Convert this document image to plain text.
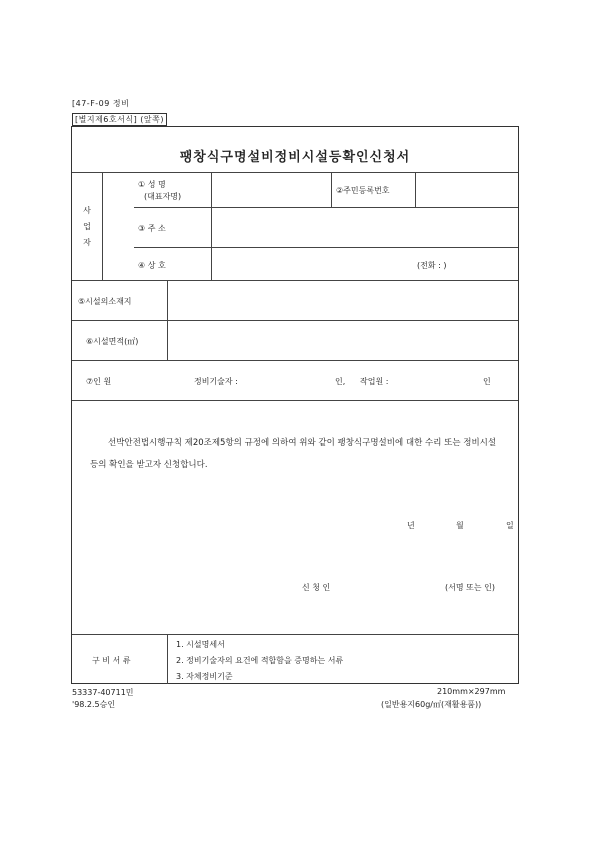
[47-F-09 정비
[별지제6호서식] (앞쪽)
팽창식구명설비정비시설등확인신청서
사 업 자
① 성 명
(대표자명)
②주민등록번호
③ 주 소
④ 상 호	(전화 : )
⑤시설의소재지
⑥시설면적(㎡)
⑦인 원	정비기술자 :	인, 작업원 :	인
선박안전법시행규칙 제20조제5항의 규정에 의하여 위와 같이 팽창식구명설비에 대한 수리 또는 정비시설등의 확인을 받고자 신청합니다.
년	월	일
신 청 인	(서명 또는 인)
구 비 서 류
1. 시설명세서
2. 정비기술자의 요건에 적합함을 증명하는 서류
3. 자체정비기준
53337-40711민
'98.2.5승인
210mm×297mm
(일반용지60g/㎡(재활용품))
